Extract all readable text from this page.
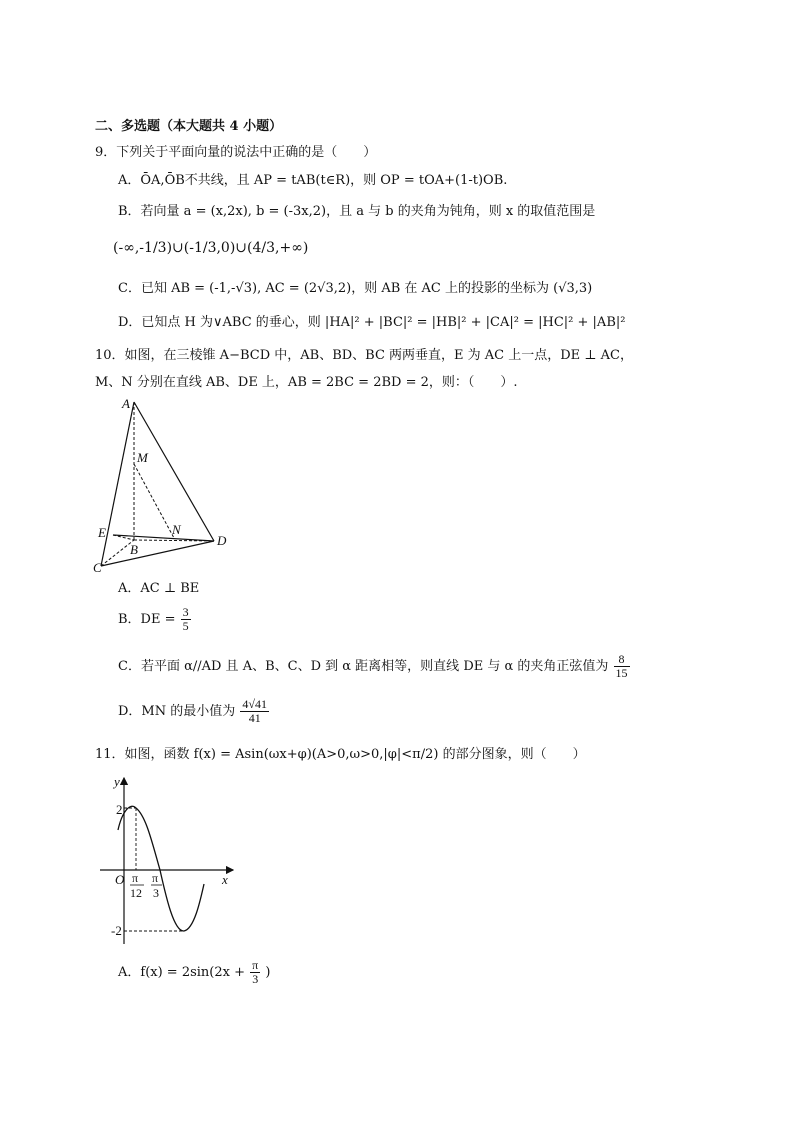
二、多选题（本大题共 4 小题）
9．下列关于平面向量的说法中正确的是（　　）
A．ŌA,ŌB不共线，且 AP = tAB(t∈R)，则 OP = tOA+(1-t)OB.
B．若向量 a = (x,2x), b = (-3x,2)，且 a 与 b 的夹角为钝角，则 x 的取值范围是
(-∞,-1/3)∪(-1/3,0)∪(4/3,+∞)
C．已知 AB = (-1,-√3), AC = (2√3,2)，则 AB 在 AC 上的投影的坐标为 (√3,3)
D．已知点 H 为∨ABC 的垂心，则 |HA|² + |BC|² = |HB|² + |CA|² = |HC|² + |AB|²
10．如图，在三棱锥 A−BCD 中，AB、BD、BC 两两垂直，E 为 AC 上一点，DE ⊥ AC，
M、N 分别在直线 AB、DE 上，AB = 2BC = 2BD = 2，则：（　　）.
A
M
E	N
B
D
C
A．AC ⊥ BE
B．DE = $\frac{3}{5}$
C．若平面 α//AD 且 A、B、C、D 到 α 距离相等，则直线 DE 与 α 的夹角正弦值为 $\frac{8}{15}$
D．MN 的最小值为 $\frac{4√41}{41}$
11．如图，函数 f(x) = Asin(ωx+φ)(A>0,ω>0,|φ|<π/2) 的部分图象，则（　　）
y
x
O
2
-2
π
12
π
3
A．$f(x) = 2\sin(2x + \frac{\pi}{3}$ )
